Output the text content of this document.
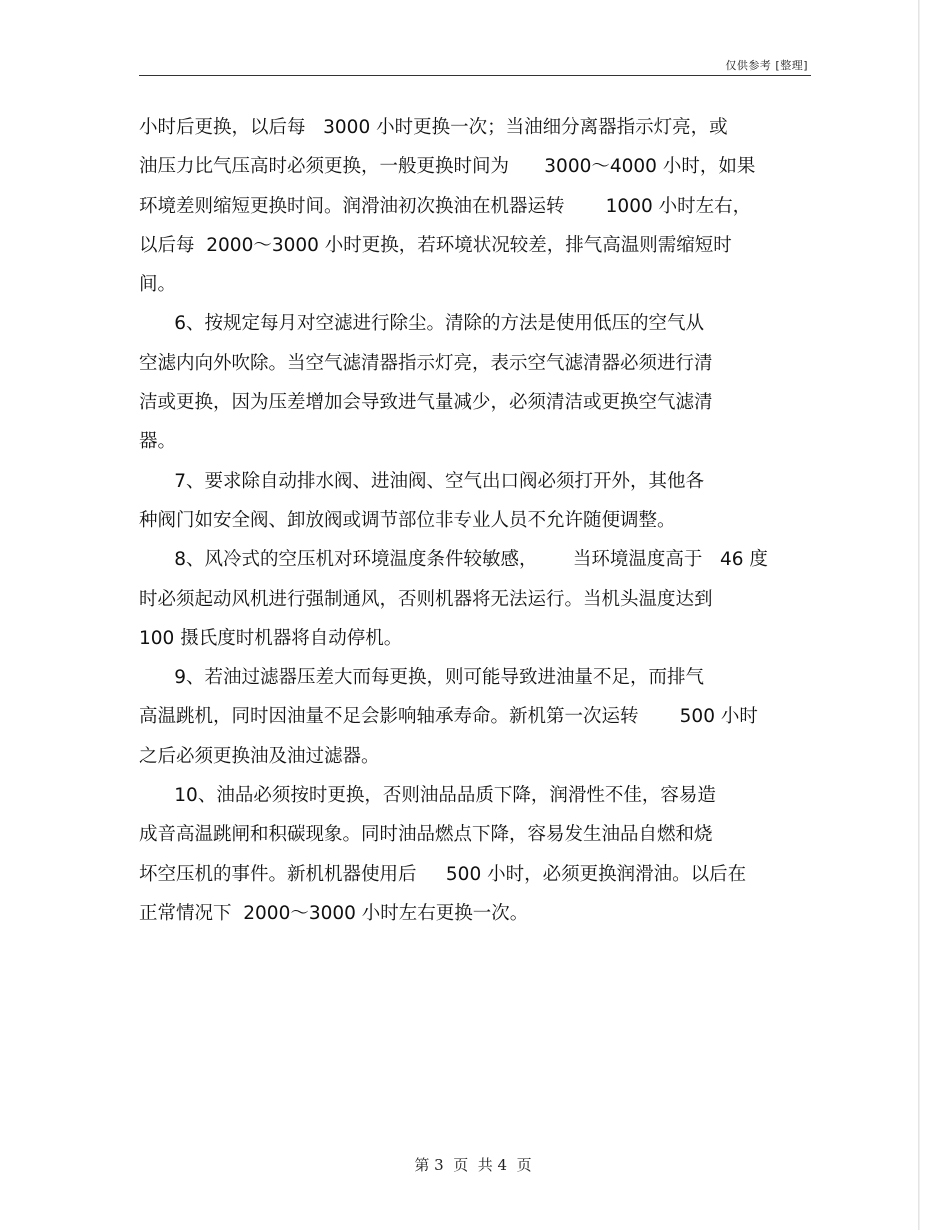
仅供参考 [整理]
小时后更换，以后每   3000 小时更换一次；当油细分离器指示灯亮，或
油压力比气压高时必须更换，一般更换时间为      3000～4000 小时，如果
环境差则缩短更换时间。润滑油初次换油在机器运转       1000 小时左右，
以后每  2000～3000 小时更换，若环境状况较差，排气高温则需缩短时
间。
6、按规定每月对空滤进行除尘。清除的方法是使用低压的空气从
空滤内向外吹除。当空气滤清器指示灯亮，表示空气滤清器必须进行清
洁或更换，因为压差增加会导致进气量减少，必须清洁或更换空气滤清
器。
7、要求除自动排水阀、进油阀、空气出口阀必须打开外，其他各
种阀门如安全阀、卸放阀或调节部位非专业人员不允许随便调整。
8、风冷式的空压机对环境温度条件较敏感，      当环境温度高于   46 度
时必须起动风机进行强制通风，否则机器将无法运行。当机头温度达到
100 摄氏度时机器将自动停机。
9、若油过滤器压差大而每更换，则可能导致进油量不足，而排气
高温跳机，同时因油量不足会影响轴承寿命。新机第一次运转       500 小时
之后必须更换油及油过滤器。
10、油品必须按时更换，否则油品品质下降，润滑性不佳，容易造
成音高温跳闸和积碳现象。同时油品燃点下降，容易发生油品自燃和烧
坏空压机的事件。新机机器使用后     500 小时，必须更换润滑油。以后在
正常情况下  2000～3000 小时左右更换一次。
第 3  页  共 4  页
